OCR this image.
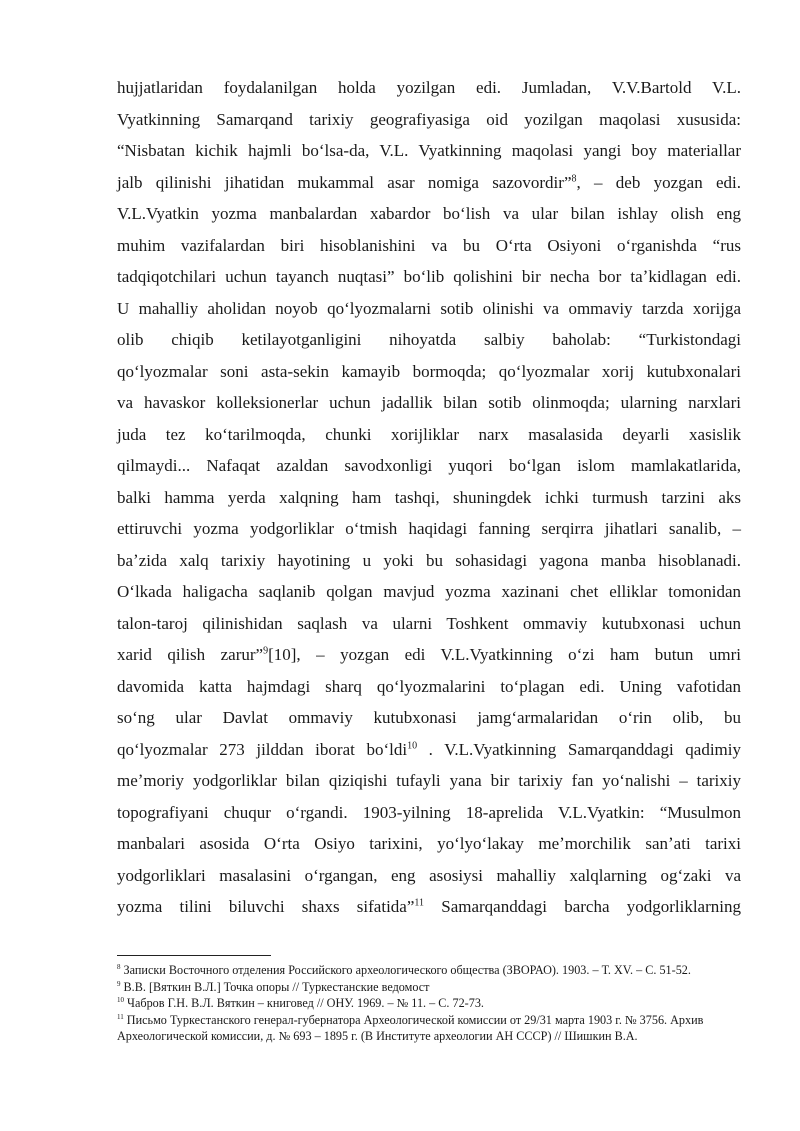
hujjatlaridan foydalanilgan holda yozilgan edi. Jumladan, V.V.Bartold V.L.
Vyatkinning Samarqand tarixiy geografiyasiga oid yozilgan maqolasi xususida:
“Nisbatan kichik hajmli boʻlsa-da, V.L. Vyatkinning maqolasi yangi boy materiallar
jalb qilinishi jihatidan mukammal asar nomiga sazovordir”$^8$, – deb yozgan edi.
V.L.Vyatkin yozma manbalardan xabardor boʻlish va ular bilan ishlay olish eng
muhim vazifalardan biri hisoblanishini va bu Oʻrta Osiyoni oʻrganishda “rus
tadqiqotchilari uchun tayanch nuqtasi” boʻlib qolishini bir necha bor taʼkidlagan edi.
U mahalliy aholidan noyob qoʻlyozmalarni sotib olinishi va ommaviy tarzda xorijga
olib chiqib ketilayotganligini nihoyatda salbiy baholab: “Turkistondagi
qoʻlyozmalar soni asta-sekin kamayib bormoqda; qoʻlyozmalar xorij kutubxonalari
va havaskor kolleksionerlar uchun jadallik bilan sotib olinmoqda; ularning narxlari
juda tez koʻtarilmoqda, chunki xorijliklar narx masalasida deyarli xasislik
qilmaydi... Nafaqat azaldan savodxonligi yuqori boʻlgan islom mamlakatlarida,
balki hamma yerda xalqning ham tashqi, shuningdek ichki turmush tarzini aks
ettiruvchi yozma yodgorliklar oʻtmish haqidagi fanning serqirra jihatlari sanalib, –
baʼzida xalq tarixiy hayotining u yoki bu sohasidagi yagona manba hisoblanadi.
Oʻlkada haligacha saqlanib qolgan mavjud yozma xazinani chet elliklar tomonidan
talon-taroj qilinishidan saqlash va ularni Toshkent ommaviy kutubxonasi uchun
xarid qilish zarur”$^9$[10], – yozgan edi V.L.Vyatkinning oʻzi ham butun umri
davomida katta hajmdagi sharq qoʻlyozmalarini toʻplagan edi. Uning vafotidan
soʻng ular Davlat ommaviy kutubxonasi jamgʻarmalaridan oʻrin olib, bu
qoʻlyozmalar 273 jilddan iborat boʻldi$^{10}$ . V.L.Vyatkinning Samarqanddagi qadimiy
meʼmoriy yodgorliklar bilan qiziqishi tufayli yana bir tarixiy fan yoʻnalishi – tarixiy
topografiyani chuqur oʻrgandi. 1903-yilning 18-aprelida V.L.Vyatkin: “Musulmon
manbalari asosida Oʻrta Osiyo tarixini, yoʻlyoʻlakay meʼmorchilik sanʼati tarixi
yodgorliklari masalasini oʻrgangan, eng asosiysi mahalliy xalqlarning ogʻzaki va
yozma tilini biluvchi shaxs sifatida”$^{11}$ Samarqanddagi barcha yodgorliklarning
$^8$ Записки Восточного отделения Российского археологического общества (ЗВОРАО). 1903. – Т. XV. – С. 51-52.
$^9$ В.В. [Вяткин В.Л.] Точка опоры // Туркестанские ведомост
$^{10}$ Чабров Г.Н. В.Л. Вяткин – книговед // ОНУ. 1969. – № 11. – С. 72-73.
$^{11}$ Письмо Туркестанского генерал-губернатора Археологической комиссии от 29/31 марта 1903 г. № 3756. Архив Археологической комиссии, д. № 693 – 1895 г. (В Институте археологии АН СССР) // Шишкин В.А.
